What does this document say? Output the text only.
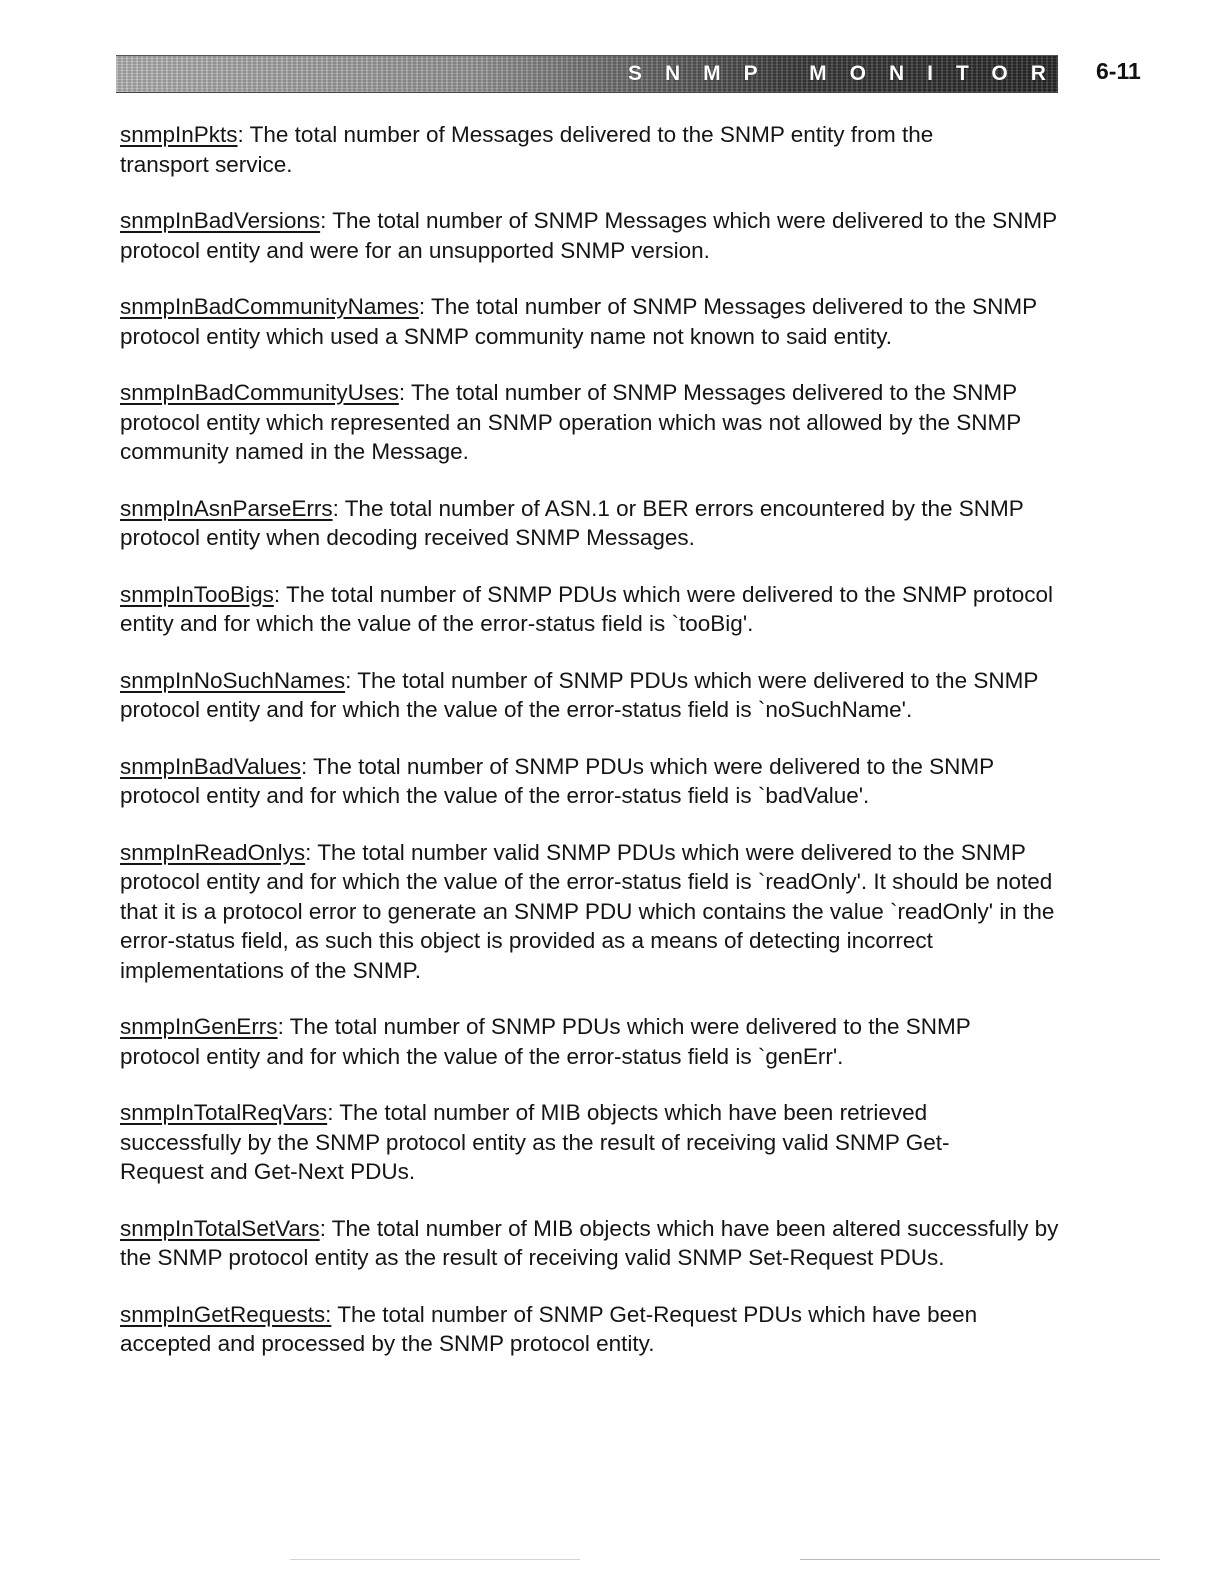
SNMP MONITOR 6-11

snmpInPkts: The total number of Messages delivered to the SNMP entity from the transport service.

snmpInBadVersions: The total number of SNMP Messages which were delivered to the SNMP protocol entity and were for an unsupported SNMP version.

snmpInBadCommunityNames: The total number of SNMP Messages delivered to the SNMP protocol entity which used a SNMP community name not known to said entity.

snmpInBadCommunityUses: The total number of SNMP Messages delivered to the SNMP protocol entity which represented an SNMP operation which was not allowed by the SNMP community named in the Message.

snmpInAsnParseErrs: The total number of ASN.1 or BER errors encountered by the SNMP protocol entity when decoding received SNMP Messages.

snmpInTooBigs: The total number of SNMP PDUs which were delivered to the SNMP protocol entity and for which the value of the error-status field is `tooBig'.

snmpInNoSuchNames: The total number of SNMP PDUs which were delivered to the SNMP protocol entity and for which the value of the error-status field is `noSuchName'.

snmpInBadValues: The total number of SNMP PDUs which were delivered to the SNMP protocol entity and for which the value of the error-status field is `badValue'.

snmpInReadOnlys: The total number valid SNMP PDUs which were delivered to the SNMP protocol entity and for which the value of the error-status field is `readOnly'. It should be noted that it is a protocol error to generate an SNMP PDU which contains the value `readOnly' in the error-status field, as such this object is provided as a means of detecting incorrect implementations of the SNMP.

snmpInGenErrs: The total number of SNMP PDUs which were delivered to the SNMP protocol entity and for which the value of the error-status field is `genErr'.

snmpInTotalReqVars: The total number of MIB objects which have been retrieved successfully by the SNMP protocol entity as the result of receiving valid SNMP Get-Request and Get-Next PDUs.

snmpInTotalSetVars: The total number of MIB objects which have been altered successfully by the SNMP protocol entity as the result of receiving valid SNMP Set-Request PDUs.

snmpInGetRequests: The total number of SNMP Get-Request PDUs which have been accepted and processed by the SNMP protocol entity.
